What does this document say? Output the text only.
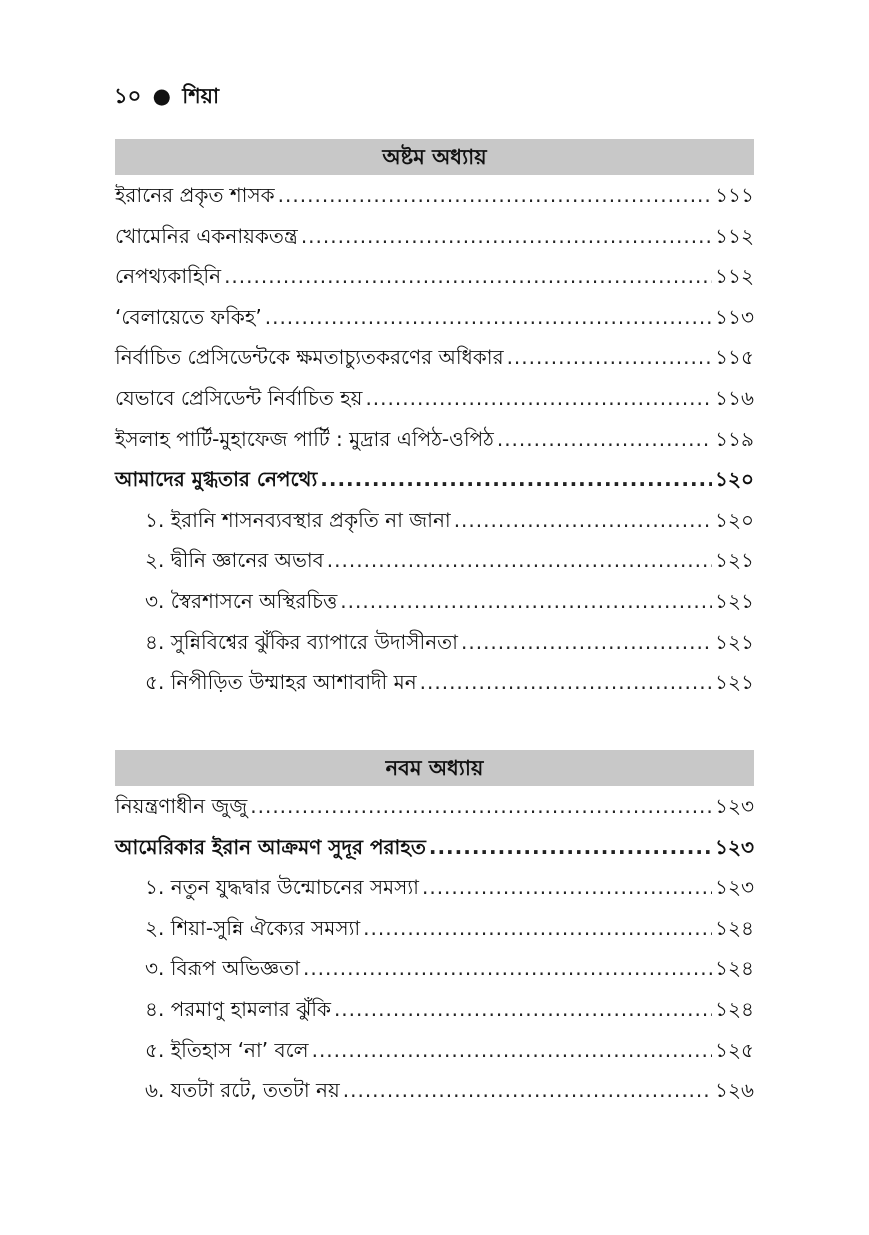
১০ ● শিয়া
অষ্টম অধ্যায়
ইরানের প্রকৃত শাসক .....	১১১
খোমেনির একনায়কতন্ত্র .....	১১২
নেপথ্যকাহিনি .....	১১২
‘বেলায়েতে ফকিহ’ .....	১১৩
নির্বাচিত প্রেসিডেন্টকে ক্ষমতাচ্যুতকরণের অধিকার .....	১১৫
যেভাবে প্রেসিডেন্ট নির্বাচিত হয় .....	১১৬
ইসলাহ পার্টি-মুহাফেজ পার্টি : মুদ্রার এপিঠ-ওপিঠ .....	১১৯
আমাদের মুগ্ধতার নেপথ্যে .....	১২০
১. ইরানি শাসনব্যবস্থার প্রকৃতি না জানা .....	১২০
২. দ্বীনি জ্ঞানের অভাব .....	১২১
৩. স্বৈরশাসনে অস্থিরচিত্ত .....	১২১
৪. সুন্নিবিশ্বের ঝুঁকির ব্যাপারে উদাসীনতা .....	১২১
৫. নিপীড়িত উম্মাহর আশাবাদী মন .....	১২১
নবম অধ্যায়
নিয়ন্ত্রণাধীন জুজু .....	১২৩
আমেরিকার ইরান আক্রমণ সুদূর পরাহত .....	১২৩
১. নতুন যুদ্ধদ্বার উন্মোচনের সমস্যা .....	১২৩
২. শিয়া-সুন্নি ঐক্যের সমস্যা .....	১২৪
৩. বিরূপ অভিজ্ঞতা .....	১২৪
৪. পরমাণু হামলার ঝুঁকি .....	১২৪
৫. ইতিহাস ‘না’ বলে .....	১২৫
৬. যতটা রটে, ততটা নয় .....	১২৬
